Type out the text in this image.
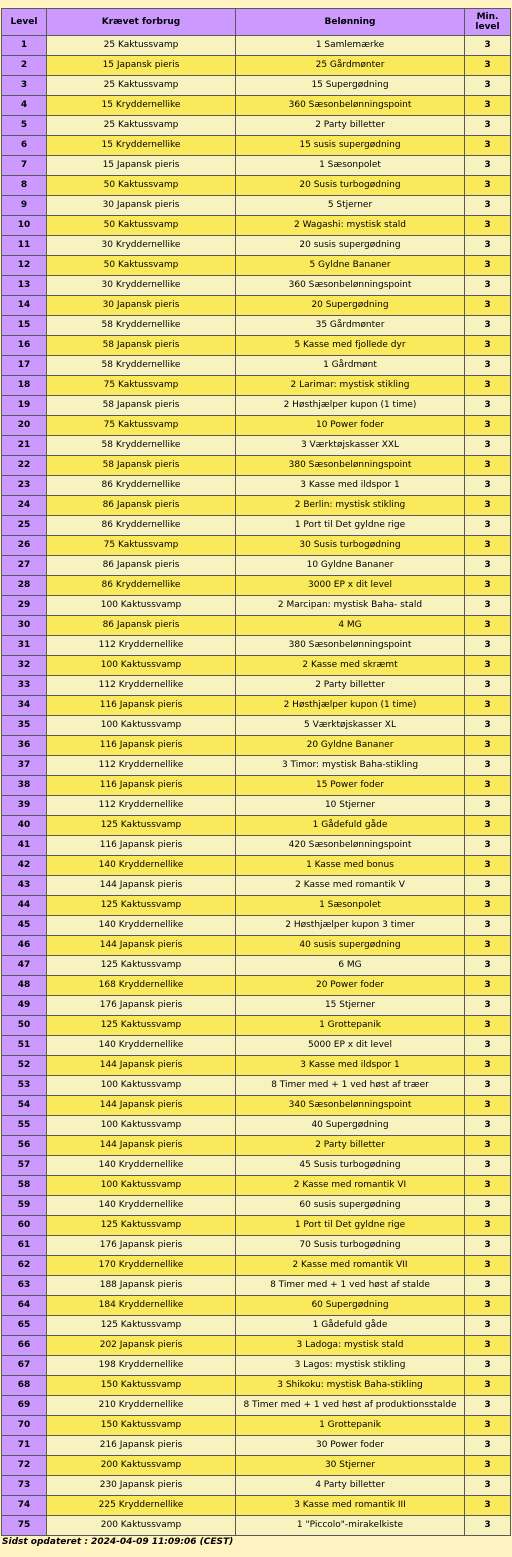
Level	Krævet forbrug	Belønning	Min.
level
1	25 Kaktussvamp	1 Samlemærke	3
2	15 Japansk pieris	25 Gårdmønter	3
3	25 Kaktussvamp	15 Supergødning	3
4	15 Kryddernellike	360 Sæsonbelønningspoint	3
5	25 Kaktussvamp	2 Party billetter	3
6	15 Kryddernellike	15 susis supergødning	3
7	15 Japansk pieris	1 Sæsonpolet	3
8	50 Kaktussvamp	20 Susis turbogødning	3
9	30 Japansk pieris	5 Stjerner	3
10	50 Kaktussvamp	2 Wagashi: mystisk stald	3
11	30 Kryddernellike	20 susis supergødning	3
12	50 Kaktussvamp	5 Gyldne Bananer	3
13	30 Kryddernellike	360 Sæsonbelønningspoint	3
14	30 Japansk pieris	20 Supergødning	3
15	58 Kryddernellike	35 Gårdmønter	3
16	58 Japansk pieris	5 Kasse med fjollede dyr	3
17	58 Kryddernellike	1 Gårdmønt	3
18	75 Kaktussvamp	2 Larimar: mystisk stikling	3
19	58 Japansk pieris	2 Høsthjælper kupon (1 time)	3
20	75 Kaktussvamp	10 Power foder	3
21	58 Kryddernellike	3 Værktøjskasser XXL	3
22	58 Japansk pieris	380 Sæsonbelønningspoint	3
23	86 Kryddernellike	3 Kasse med ildspor 1	3
24	86 Japansk pieris	2 Berlin: mystisk stikling	3
25	86 Kryddernellike	1 Port til Det gyldne rige	3
26	75 Kaktussvamp	30 Susis turbogødning	3
27	86 Japansk pieris	10 Gyldne Bananer	3
28	86 Kryddernellike	3000 EP x dit level	3
29	100 Kaktussvamp	2 Marcipan: mystisk Baha- stald	3
30	86 Japansk pieris	4 MG	3
31	112 Kryddernellike	380 Sæsonbelønningspoint	3
32	100 Kaktussvamp	2 Kasse med skræmt	3
33	112 Kryddernellike	2 Party billetter	3
34	116 Japansk pieris	2 Høsthjælper kupon (1 time)	3
35	100 Kaktussvamp	5 Værktøjskasser XL	3
36	116 Japansk pieris	20 Gyldne Bananer	3
37	112 Kryddernellike	3 Timor: mystisk Baha-stikling	3
38	116 Japansk pieris	15 Power foder	3
39	112 Kryddernellike	10 Stjerner	3
40	125 Kaktussvamp	1 Gådefuld gåde	3
41	116 Japansk pieris	420 Sæsonbelønningspoint	3
42	140 Kryddernellike	1 Kasse med bonus	3
43	144 Japansk pieris	2 Kasse med romantik V	3
44	125 Kaktussvamp	1 Sæsonpolet	3
45	140 Kryddernellike	2 Høsthjælper kupon 3 timer	3
46	144 Japansk pieris	40 susis supergødning	3
47	125 Kaktussvamp	6 MG	3
48	168 Kryddernellike	20 Power foder	3
49	176 Japansk pieris	15 Stjerner	3
50	125 Kaktussvamp	1 Grottepanik	3
51	140 Kryddernellike	5000 EP x dit level	3
52	144 Japansk pieris	3 Kasse med ildspor 1	3
53	100 Kaktussvamp	8 Timer med + 1 ved høst af træer	3
54	144 Japansk pieris	340 Sæsonbelønningspoint	3
55	100 Kaktussvamp	40 Supergødning	3
56	144 Japansk pieris	2 Party billetter	3
57	140 Kryddernellike	45 Susis turbogødning	3
58	100 Kaktussvamp	2 Kasse med romantik VI	3
59	140 Kryddernellike	60 susis supergødning	3
60	125 Kaktussvamp	1 Port til Det gyldne rige	3
61	176 Japansk pieris	70 Susis turbogødning	3
62	170 Kryddernellike	2 Kasse med romantik VII	3
63	188 Japansk pieris	8 Timer med + 1 ved høst af stalde	3
64	184 Kryddernellike	60 Supergødning	3
65	125 Kaktussvamp	1 Gådefuld gåde	3
66	202 Japansk pieris	3 Ladoga: mystisk stald	3
67	198 Kryddernellike	3 Lagos: mystisk stikling	3
68	150 Kaktussvamp	3 Shikoku: mystisk Baha-stikling	3
69	210 Kryddernellike	8 Timer med + 1 ved høst af produktionsstalde	3
70	150 Kaktussvamp	1 Grottepanik	3
71	216 Japansk pieris	30 Power foder	3
72	200 Kaktussvamp	30 Stjerner	3
73	230 Japansk pieris	4 Party billetter	3
74	225 Kryddernellike	3 Kasse med romantik III	3
75	200 Kaktussvamp	1 "Piccolo"-mirakelkiste	3
Sidst opdateret : 2024-04-09 11:09:06 (CEST)
